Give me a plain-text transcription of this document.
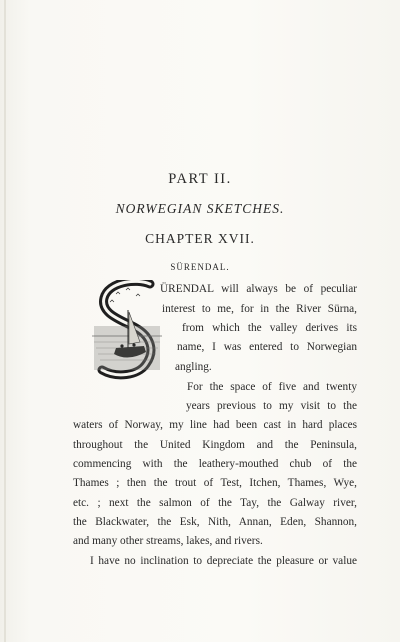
PART II.
NORWEGIAN SKETCHES.
CHAPTER XVII.
SÜRENDAL.
ÜRENDAL will always be of peculiar
interest to me, for in the River Sürna,
from which the valley derives its
name, I was entered to Norwegian
angling.
For the space of five and twenty
years previous to my visit to the
waters of Norway, my line had been cast in hard places
throughout the United Kingdom and the Peninsula,
commencing with the leathery-mouthed chub of the
Thames ; then the trout of Test, Itchen, Thames, Wye,
etc. ; next the salmon of the Tay, the Galway river,
the Blackwater, the Esk, Nith, Annan, Eden, Shannon,
and many other streams, lakes, and rivers.
I have no inclination to depreciate the pleasure or value
